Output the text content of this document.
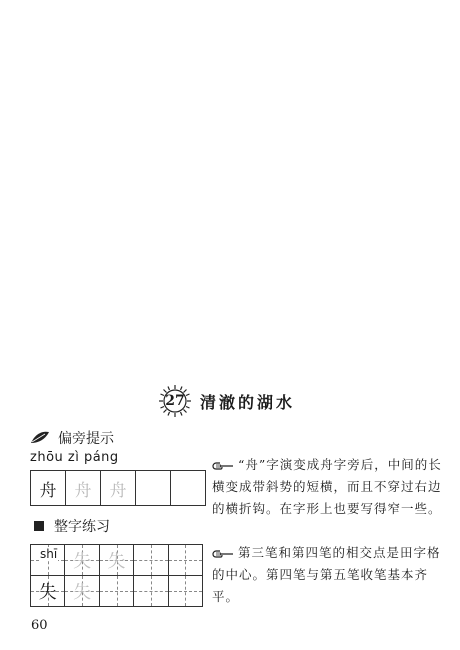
27 清澈的湖水
偏旁提示
zhōu zì páng
舟 舟 舟
整字练习
shī 失 失
失 失
“舟”字演变成舟字旁后，中间的长横变成带斜势的短横，而且不穿过右边的横折钩。在字形上也要写得窄一些。
第三笔和第四笔的相交点是田字格的中心。第四笔与第五笔收笔基本齐平。
60
